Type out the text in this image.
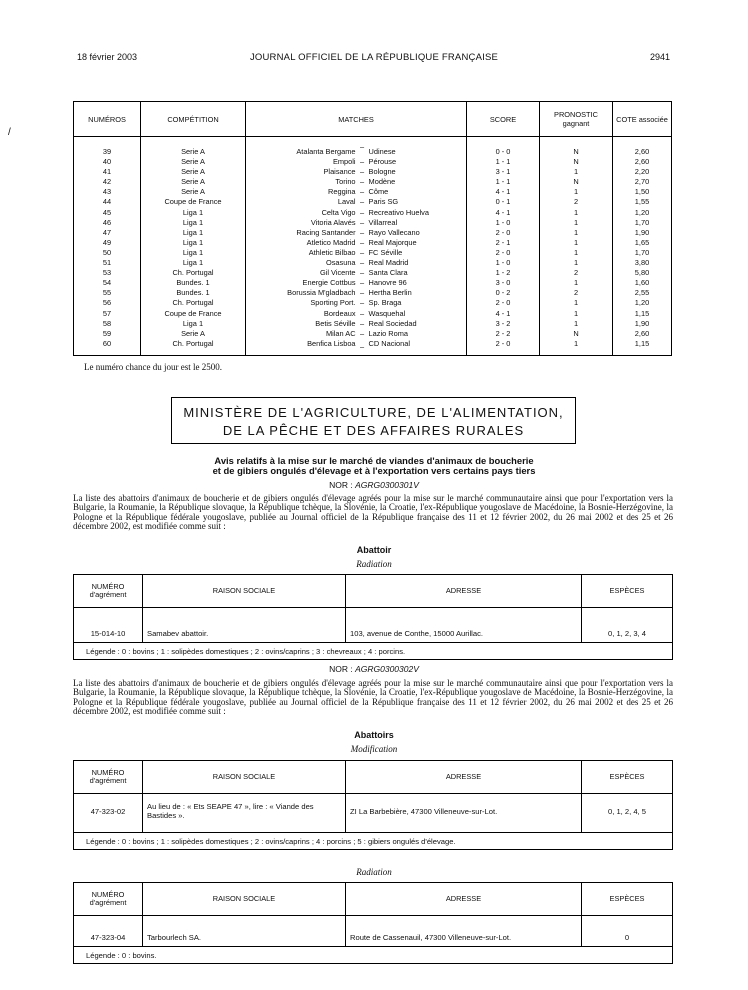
18 février 2003	JOURNAL OFFICIEL DE LA RÉPUBLIQUE FRANÇAISE	2941
/
NUMÉROS	COMPÉTITION	MATCHES			SCORE	PRONOSTIC gagnant	COTE associée
39	Serie A	Atalanta Bergame	–	Udinese	0 - 0	N	2,60
40	Serie A	Empoli	–	Pérouse	1 - 1	N	2,60
41	Serie A	Plaisance	–	Bologne	3 - 1	1	2,20
42	Serie A	Torino	–	Modène	1 - 1	N	2,70
43	Serie A	Reggina	–	Côme	4 - 1	1	1,50
44	Coupe de France	Laval	–	Paris SG	0 - 1	2	1,55
45	Liga 1	Celta Vigo	–	Recreativo Huelva	4 - 1	1	1,20
46	Liga 1	Vitoria Alavés	–	Villarreal	1 - 0	1	1,70
47	Liga 1	Racing Santander	–	Rayo Vallecano	2 - 0	1	1,90
49	Liga 1	Atletico Madrid	–	Real Majorque	2 - 1	1	1,65
50	Liga 1	Athletic Bilbao	–	FC Séville	2 - 0	1	1,70
51	Liga 1	Osasuna	–	Real Madrid	1 - 0	1	3,80
53	Ch. Portugal	Gil Vicente	–	Santa Clara	1 - 2	2	5,80
54	Bundes. 1	Energie Cottbus	–	Hanovre 96	3 - 0	1	1,60
55	Bundes. 1	Borussia M'gladbach	–	Hertha Berlin	0 - 2	2	2,55
56	Ch. Portugal	Sporting Port.	–	Sp. Braga	2 - 0	1	1,20
57	Coupe de France	Bordeaux	–	Wasquehal	4 - 1	1	1,15
58	Liga 1	Betis Séville	–	Real Sociedad	3 - 2	1	1,90
59	Serie A	Milan AC	–	Lazio Roma	2 - 2	N	2,60
60	Ch. Portugal	Benfica Lisboa	–	CD Nacional	2 - 0	1	1,15
Le numéro chance du jour est le 2500.
MINISTÈRE DE L'AGRICULTURE, DE L'ALIMENTATION,
DE LA PÊCHE ET DES AFFAIRES RURALES
Avis relatifs à la mise sur le marché de viandes d'animaux de boucherie
et de gibiers ongulés d'élevage et à l'exportation vers certains pays tiers
NOR : AGRG0300301V
La liste des abattoirs d'animaux de boucherie et de gibiers ongulés d'élevage agréés pour la mise sur le marché communautaire ainsi que pour l'exportation vers la Bulgarie, la Roumanie, la République slovaque, la République tchèque, la Slovénie, la Croatie, l'ex-République yougoslave de Macédoine, la Bosnie-Herzégovine, la Pologne et la République fédérale yougoslave, publiée au Journal officiel de la République française des 11 et 12 février 2002, du 26 mai 2002 et des 25 et 26 décembre 2002, est modifiée comme suit :
Abattoir
Radiation
NUMÉRO d'agrément	RAISON SOCIALE	ADRESSE	ESPÈCES
15-014-10	Samabev abattoir.	103, avenue de Conthe, 15000 Aurillac.	0, 1, 2, 3, 4
Légende : 0 : bovins ; 1 : solipèdes domestiques ; 2 : ovins/caprins ; 3 : chevreaux ; 4 : porcins.			
NOR : AGRG0300302V
La liste des abattoirs d'animaux de boucherie et de gibiers ongulés d'élevage agréés pour la mise sur le marché communautaire ainsi que pour l'exportation vers la Bulgarie, la Roumanie, la République slovaque, la République tchèque, la Slovénie, la Croatie, l'ex-République yougoslave de Macédoine, la Bosnie-Herzégovine, la Pologne et la République fédérale yougoslave, publiée au Journal officiel de la République française des 11 et 12 février 2002, du 26 mai 2002 et des 25 et 26 décembre 2002, est modifiée comme suit :
Abattoirs
Modification
NUMÉRO d'agrément	RAISON SOCIALE	ADRESSE	ESPÈCES
47-323-02	Au lieu de : « Ets SEAPE 47 », lire : « Viande des Bastides ».	ZI La Barbebière, 47300 Villeneuve-sur-Lot.	0, 1, 2, 4, 5
Légende : 0 : bovins ; 1 : solipèdes domestiques ; 2 : ovins/caprins ; 4 : porcins ; 5 : gibiers ongulés d'élevage.			
Radiation
NUMÉRO d'agrément	RAISON SOCIALE	ADRESSE	ESPÈCES
47-323-04	Tarbourlech SA.	Route de Cassenauil, 47300 Villeneuve-sur-Lot.	0
Légende : 0 : bovins.			
